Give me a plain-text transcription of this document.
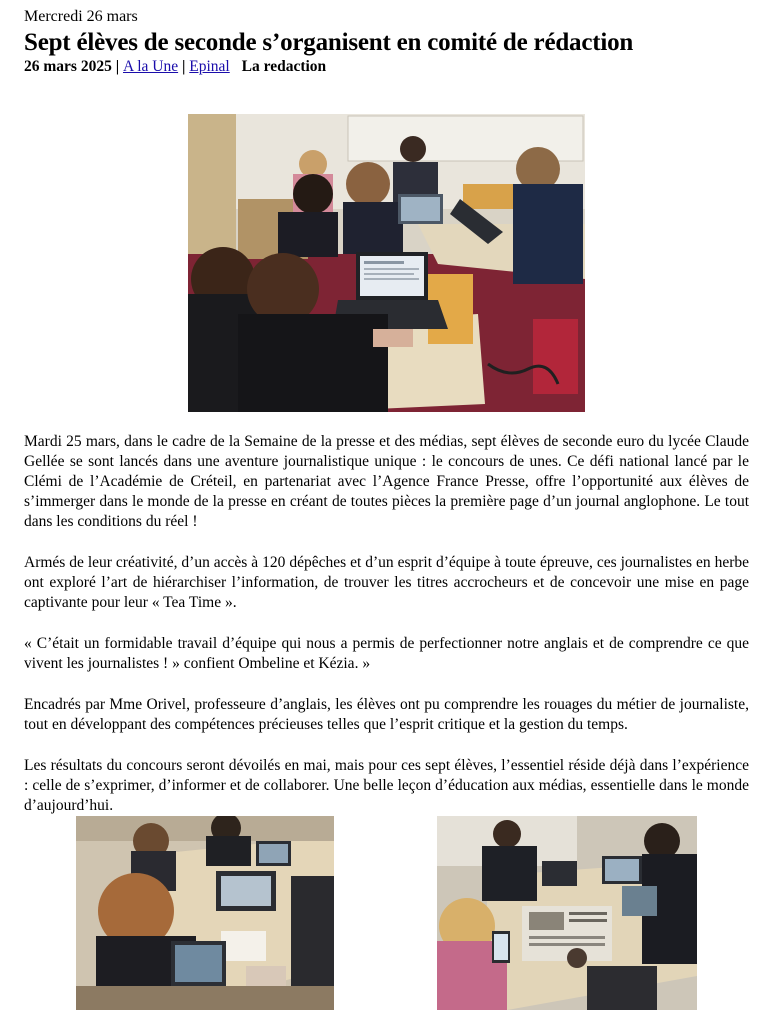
Mercredi 26 mars
Sept élèves de seconde s’organisent en comité de rédaction
26 mars 2025 | A la Une | Epinal La redaction

Mardi 25 mars, dans le cadre de la Semaine de la presse et des médias, sept élèves de seconde euro du lycée Claude Gellée se sont lancés dans une aventure journalistique unique : le concours de unes. Ce défi national lancé par le Clémi de l’Académie de Créteil, en partenariat avec l’Agence France Presse, offre l’opportunité aux élèves de s’immerger dans le monde de la presse en créant de toutes pièces la première page d’un journal anglophone. Le tout dans les conditions du réel !

Armés de leur créativité, d’un accès à 120 dépêches et d’un esprit d’équipe à toute épreuve, ces journalistes en herbe ont exploré l’art de hiérarchiser l’information, de trouver les titres accrocheurs et de concevoir une mise en page captivante pour leur « Tea Time ».

« C’était un formidable travail d’équipe qui nous a permis de perfectionner notre anglais et de comprendre ce que vivent les journalistes ! » confient Ombeline et Kézia. »

Encadrés par Mme Orivel, professeure d’anglais, les élèves ont pu comprendre les rouages du métier de journaliste, tout en développant des compétences précieuses telles que l’esprit critique et la gestion du temps.

Les résultats du concours seront dévoilés en mai, mais pour ces sept élèves, l’essentiel réside déjà dans l’expérience : celle de s’exprimer, d’informer et de collaborer. Une belle leçon d’éducation aux médias, essentielle dans le monde d’aujourd’hui.
